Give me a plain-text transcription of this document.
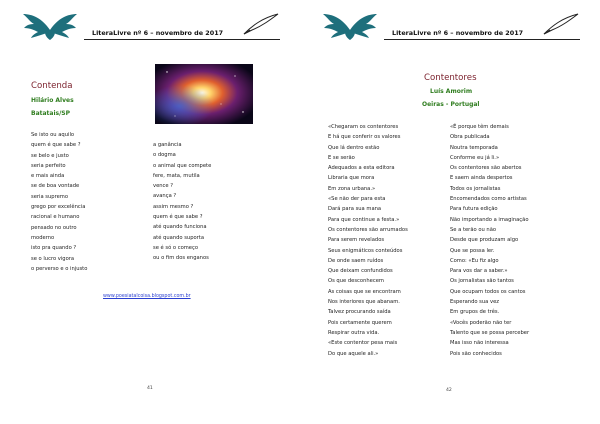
LiteraLivre nº 6 – novembro de 2017
Contenda
Hilário Alves
Batatais/SP
Se isto ou aquilo
quem é que sabe ?
se belo e justo
seria perfeito
e mais ainda
se de boa vontade
seria supremo
grego por excelência
racional e humano
pensado no outro
moderno
isto pra quando ?
se o lucro vigora
o perverso e o injusto
a ganância
o dogma
o animal que compete
fere, mata, mutila
vence ?
avança ?
assim mesmo ?
quem é que sabe ?
até quando funciona
até quando suporta
se é só o começo
ou o fim dos enganos
www.poesiatalcoisa.blogspot.com.br
41
LiteraLivre nº 6 – novembro de 2017
Contentores
Luís Amorim
Oeiras - Portugal
«Chegaram os contentores
E há que conferir os valores
Que lá dentro estão
E se serão
Adequados a esta editora
Libraria que mora
Em zona urbana.»
«Se não der para esta
Dará para sua mana
Para que continue a festa.»
Os contentores são arrumados
Para serem revelados
Seus enigmáticos conteúdos
De onde saem ruídos
Que deixam confundidos
Os que desconhecem
As coisas que se encontram
Nos interiores que abanam.
Talvez procurando saída
Pois certamente querem
Respirar outra vida.
«Este contentor pesa mais
Do que aquele ali.»
«É porque têm demais
Obra publicada
Noutra temporada
Conforme eu já li.»
Os contentores são abertos
E saem ainda despertos
Todos os jornalistas
Encomendados como artistas
Para futura edição
Não importando a imaginação
Se a terão ou não
Desde que produzam algo
Que se possa ler.
Como: «Eu fiz algo
Para vos dar a saber.»
Os jornalistas são tantos
Que ocupam todos os cantos
Esperando sua vez
Em grupos de três.
«Vocês poderão não ter
Talento que se possa perceber
Mas isso não interessa
Pois são conhecidos
42
